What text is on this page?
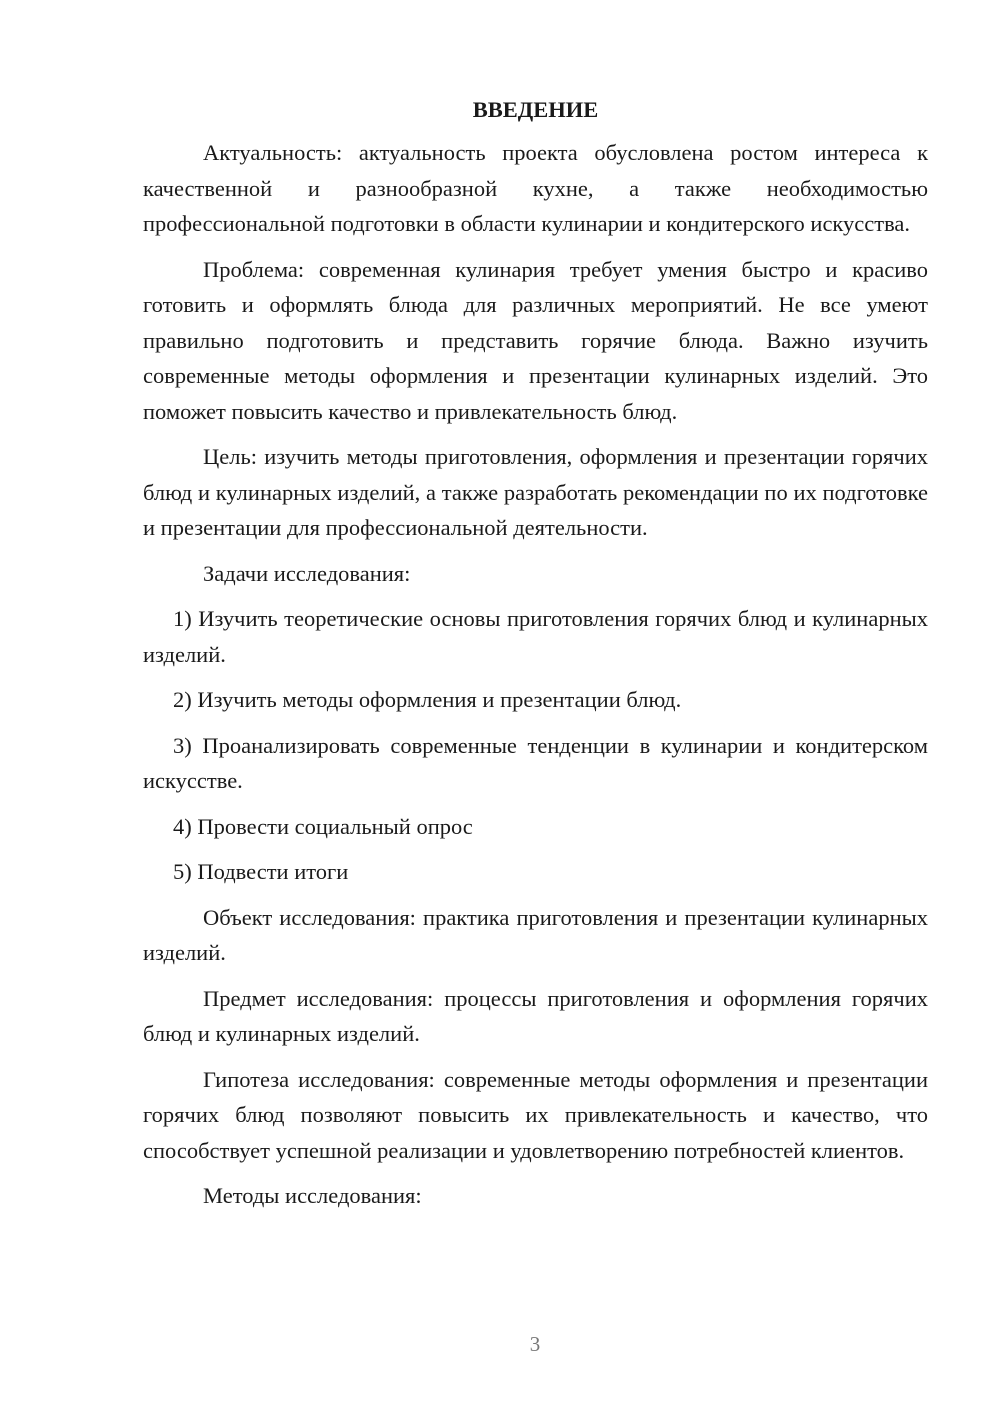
ВВЕДЕНИЕ

Актуальность: актуальность проекта обусловлена ростом интереса к качественной и разнообразной кухне, а также необходимостью профессиональной подготовки в области кулинарии и кондитерского искусства.

Проблема: современная кулинария требует умения быстро и красиво готовить и оформлять блюда для различных мероприятий. Не все умеют правильно подготовить и представить горячие блюда. Важно изучить современные методы оформления и презентации кулинарных изделий. Это поможет повысить качество и привлекательность блюд.

Цель: изучить методы приготовления, оформления и презентации горячих блюд и кулинарных изделий, а также разработать рекомендации по их подготовке и презентации для профессиональной деятельности.

Задачи исследования:

1) Изучить теоретические основы приготовления горячих блюд и кулинарных изделий.

2) Изучить методы оформления и презентации блюд.

3) Проанализировать современные тенденции в кулинарии и кондитерском искусстве.

4) Провести социальный опрос

5) Подвести итоги

Объект исследования: практика приготовления и презентации кулинарных изделий.

Предмет исследования: процессы приготовления и оформления горячих блюд и кулинарных изделий.

Гипотеза исследования: современные методы оформления и презентации горячих блюд позволяют повысить их привлекательность и качество, что способствует успешной реализации и удовлетворению потребностей клиентов.

Методы исследования:

3
